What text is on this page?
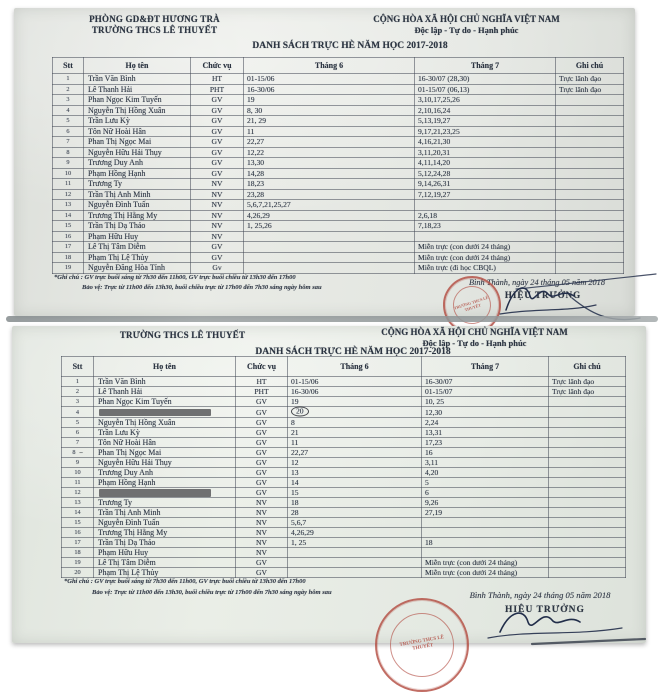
PHÒNG GD&ĐT HƯƠNG TRÀ
TRƯỜNG THCS LÊ THUYẾT
CỘNG HÒA XÃ HỘI CHỦ NGHĨA VIỆT NAM
Độc lập - Tự do - Hạnh phúc
DANH SÁCH TRỰC HÈ NĂM HỌC 2017-2018
Stt	Họ tên	Chức vụ	Tháng 6	Tháng 7	Ghi chú
1	Trần Văn Bình	HT	01-15/06	16-30/07 (28,30)	Trực lãnh đạo
2	Lê Thanh Hải	PHT	16-30/06	01-15/07 (06,13)	Trực lãnh đạo
3	Phan Ngọc Kim Tuyến	GV	19	3,10,17,25,26	
4	Nguyễn Thị Hồng Xuân	GV	8, 30	2,10,16,24	
5	Trần Lưu Kỳ	GV	21, 29	5,13,19,27	
6	Tôn Nữ Hoài Hân	GV	11	9,17,21,23,25	
7	Phan Thị Ngọc Mai	GV	22,27	4,16,21,30	
8	Nguyễn Hữu Hải Thụy	GV	12,22	3,11,20,31	
9	Trương Duy Anh	GV	13,30	4,11,14,20	
10	Phạm Hồng Hạnh	GV	14,28	5,12,24,28	
11	Trương Ty	NV	18,23	9,14,26,31	
12	Trần Thị Anh Minh	NV	23,28	7,12,19,27	
13	Nguyễn Đình Tuấn	NV	5,6,7,21,25,27		
14	Trương Thị Hằng My	NV	4,26,29	2,6,18	
15	Trần Thị Dạ Thảo	NV	1, 25,26	7,18,23	
16	Phạm Hữu Huy	NV			
17	Lê Thị Tâm Diễm	GV		Miễn trực (con dưới 24 tháng)	
18	Phạm Thị Lệ Thủy	GV		Miễn trực (con dưới 24 tháng)	
19	Nguyễn Đăng Hòa Tỉnh	Gv		Miễn trực (đi học CBQL)	
*Ghi chú : GV trực buổi sáng từ 7h30 đến 11h00, GV trực buổi chiều từ 13h30 đến 17h00
Bảo vệ: Trực từ 11h00 đến 13h30, buổi chiều trực từ 17h00 đến 7h30 sáng ngày hôm sau
Bình Thành, ngày 24 tháng 05 năm 2018
HIỆU TRƯỞNG
TRƯỜNG THCS LÊ THUYẾT
TRƯỜNG THCS LÊ THUYẾT	CỘNG HÒA XÃ HỘI CHỦ NGHĨA VIỆT NAM
Độc lập - Tự do - Hạnh phúc
DANH SÁCH TRỰC HÈ NĂM HỌC 2017-2018
Stt	Họ tên	Chức vụ	Tháng 6	Tháng 7	Ghi chú
1	Trần Văn Bình	HT	01-15/06	16-30/07	Trực lãnh đạo
2	Lê Thanh Hải	PHT	16-30/06	01-15/07	Trực lãnh đạo
3	Phan Ngọc Kim Tuyến	GV	19	10, 25	
4		GV	20	12,30	
5	Nguyễn Thị Hồng Xuân	GV	8	2,24	
6	Trần Lưu Kỳ	GV	21	13,31	
7	Tôn Nữ Hoài Hân	GV	11	17,23	
8 –	Phan Thị Ngọc Mai	GV	22,27	16	
9	Nguyễn Hữu Hải Thụy	GV	12	3,11	
10	Trương Duy Anh	GV	13	4,20	
11	Phạm Hồng Hạnh	GV	14	5	
12		GV	15	6	
13	Trương Ty	NV	18	9,26	
14	Trần Thị Anh Minh	NV	28	27,19	
15	Nguyễn Đình Tuấn	NV	5,6,7		
16	Trương Thị Hằng My	NV	4,26,29		
17	Trần Thị Dạ Thảo	NV	1, 25	18	
18	Phạm Hữu Huy	NV			
19	Lê Thị Tâm Diễm	GV		Miễn trực (con dưới 24 tháng)	
20	Phạm Thị Lệ Thủy	GV		Miễn trực (con dưới 24 tháng)	
*Ghi chú : GV trực buổi sáng từ 7h30 đến 11h00, GV trực buổi chiều từ 13h30 đến 17h00
Bảo vệ: Trực từ 11h00 đến 13h30, buổi chiều trực từ 17h00 đến 7h30 sáng ngày hôm sau	Bình Thành, ngày 24 tháng 05 năm 2018
HIỆU TRƯỞNG
TRƯỜNG THCS LÊ THUYẾT
